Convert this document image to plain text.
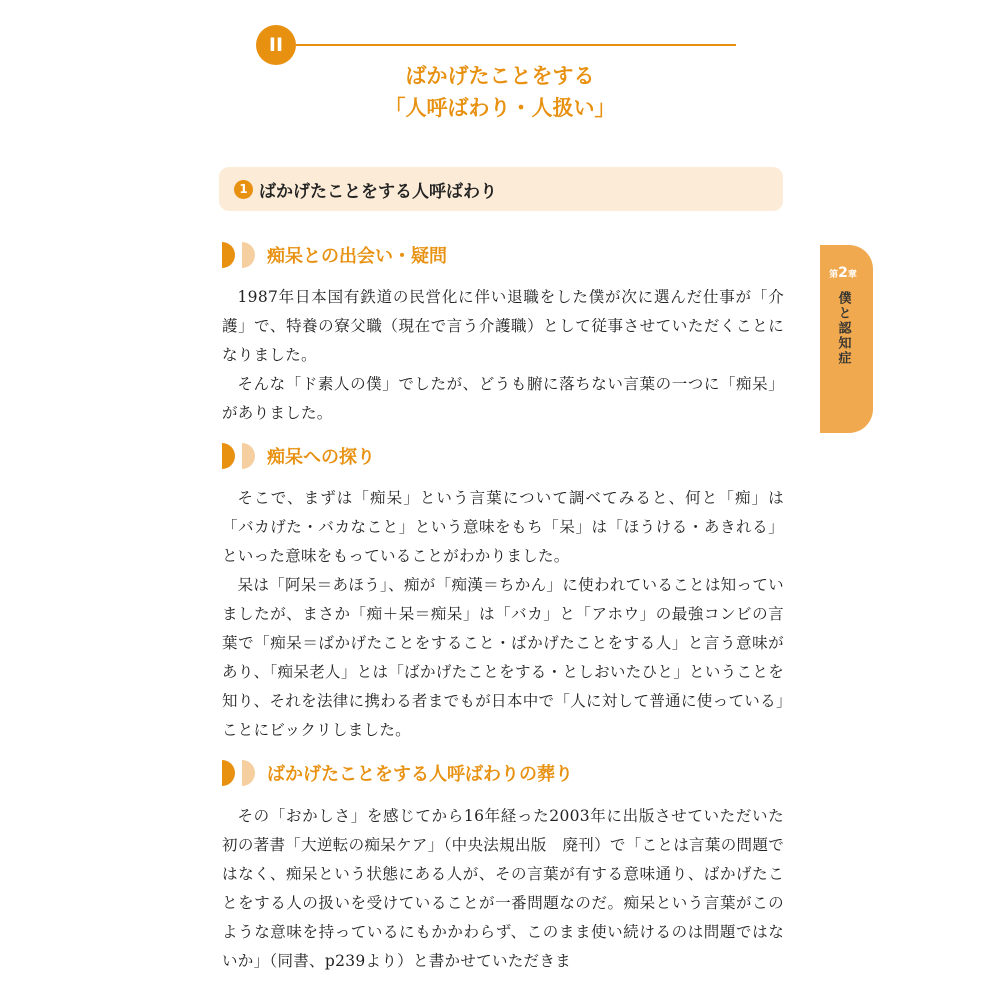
II
ばかげたことをする
「人呼ばわり・人扱い」
1 ばかげたことをする人呼ばわり
痴呆との出会い・疑問

1987年日本国有鉄道の民営化に伴い退職をした僕が次に選んだ仕事が「介護」で、特養の寮父職（現在で言う介護職）として従事させていただくことになりました。

そんな「ド素人の僕」でしたが、どうも腑に落ちない言葉の一つに「痴呆」がありました。

痴呆への探り

そこで、まずは「痴呆」という言葉について調べてみると、何と「痴」は「バカげた・バカなこと」という意味をもち「呆」は「ほうける・あきれる」といった意味をもっていることがわかりました。

呆は「阿呆＝あほう」、痴が「痴漢＝ちかん」に使われていることは知っていましたが、まさか「痴＋呆＝痴呆」は「バカ」と「アホウ」の最強コンビの言葉で「痴呆＝ばかげたことをすること・ばかげたことをする人」と言う意味があり、「痴呆老人」とは「ばかげたことをする・としおいたひと」ということを知り、それを法律に携わる者までもが日本中で「人に対して普通に使っている」ことにビックリしました。

ばかげたことをする人呼ばわりの葬り

その「おかしさ」を感じてから16年経った2003年に出版させていただいた初の著書「大逆転の痴呆ケア」（中央法規出版　廃刊）で「ことは言葉の問題ではなく、痴呆という状態にある人が、その言葉が有する意味通り、ばかげたことをする人の扱いを受けていることが一番問題なのだ。痴呆という言葉がこのような意味を持っているにもかかわらず、このまま使い続けるのは問題ではないか」（同書、p239より）と書かせていただきま

第2章
僕と認知症
